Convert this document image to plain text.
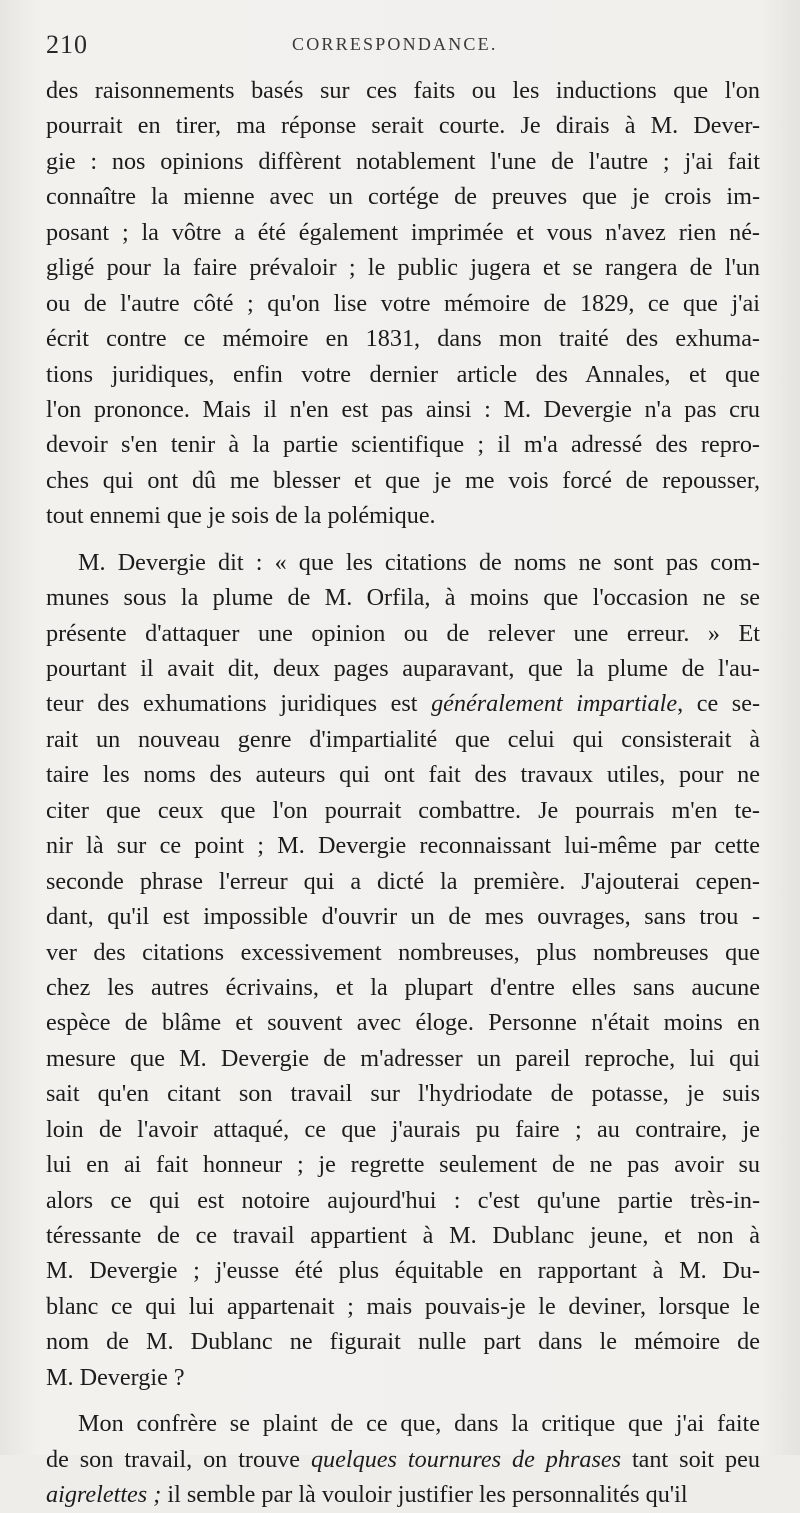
210	CORRESPONDANCE.
des raisonnements basés sur ces faits ou les inductions que l'on
pourrait en tirer, ma réponse serait courte. Je dirais à M. Dever-
gie : nos opinions diffèrent notablement l'une de l'autre ; j'ai fait
connaître la mienne avec un cortége de preuves que je crois im-
posant ; la vôtre a été également imprimée et vous n'avez rien né-
gligé pour la faire prévaloir ; le public jugera et se rangera de l'un
ou de l'autre côté ; qu'on lise votre mémoire de 1829, ce que j'ai
écrit contre ce mémoire en 1831, dans mon traité des exhuma-
tions juridiques, enfin votre dernier article des Annales, et que
l'on prononce. Mais il n'en est pas ainsi : M. Devergie n'a pas cru
devoir s'en tenir à la partie scientifique ; il m'a adressé des repro-
ches qui ont dû me blesser et que je me vois forcé de repousser,
tout ennemi que je sois de la polémique.
M. Devergie dit : « que les citations de noms ne sont pas com-
munes sous la plume de M. Orfila, à moins que l'occasion ne se
présente d'attaquer une opinion ou de relever une erreur. » Et
pourtant il avait dit, deux pages auparavant, que la plume de l'au-
teur des exhumations juridiques est généralement impartiale, ce se-
rait un nouveau genre d'impartialité que celui qui consisterait à
taire les noms des auteurs qui ont fait des travaux utiles, pour ne
citer que ceux que l'on pourrait combattre. Je pourrais m'en te-
nir là sur ce point ; M. Devergie reconnaissant lui-même par cette
seconde phrase l'erreur qui a dicté la première. J'ajouterai cepen-
dant, qu'il est impossible d'ouvrir un de mes ouvrages, sans trou -
ver des citations excessivement nombreuses, plus nombreuses que
chez les autres écrivains, et la plupart d'entre elles sans aucune
espèce de blâme et souvent avec éloge. Personne n'était moins en
mesure que M. Devergie de m'adresser un pareil reproche, lui qui
sait qu'en citant son travail sur l'hydriodate de potasse, je suis
loin de l'avoir attaqué, ce que j'aurais pu faire ; au contraire, je
lui en ai fait honneur ; je regrette seulement de ne pas avoir su
alors ce qui est notoire aujourd'hui : c'est qu'une partie très-in-
téressante de ce travail appartient à M. Dublanc jeune, et non à
M. Devergie ; j'eusse été plus équitable en rapportant à M. Du-
blanc ce qui lui appartenait ; mais pouvais-je le deviner, lorsque le
nom de M. Dublanc ne figurait nulle part dans le mémoire de
M. Devergie ?
Mon confrère se plaint de ce que, dans la critique que j'ai faite
de son travail, on trouve quelques tournures de phrases tant soit peu
aigrelettes ; il semble par là vouloir justifier les personnalités qu'il
